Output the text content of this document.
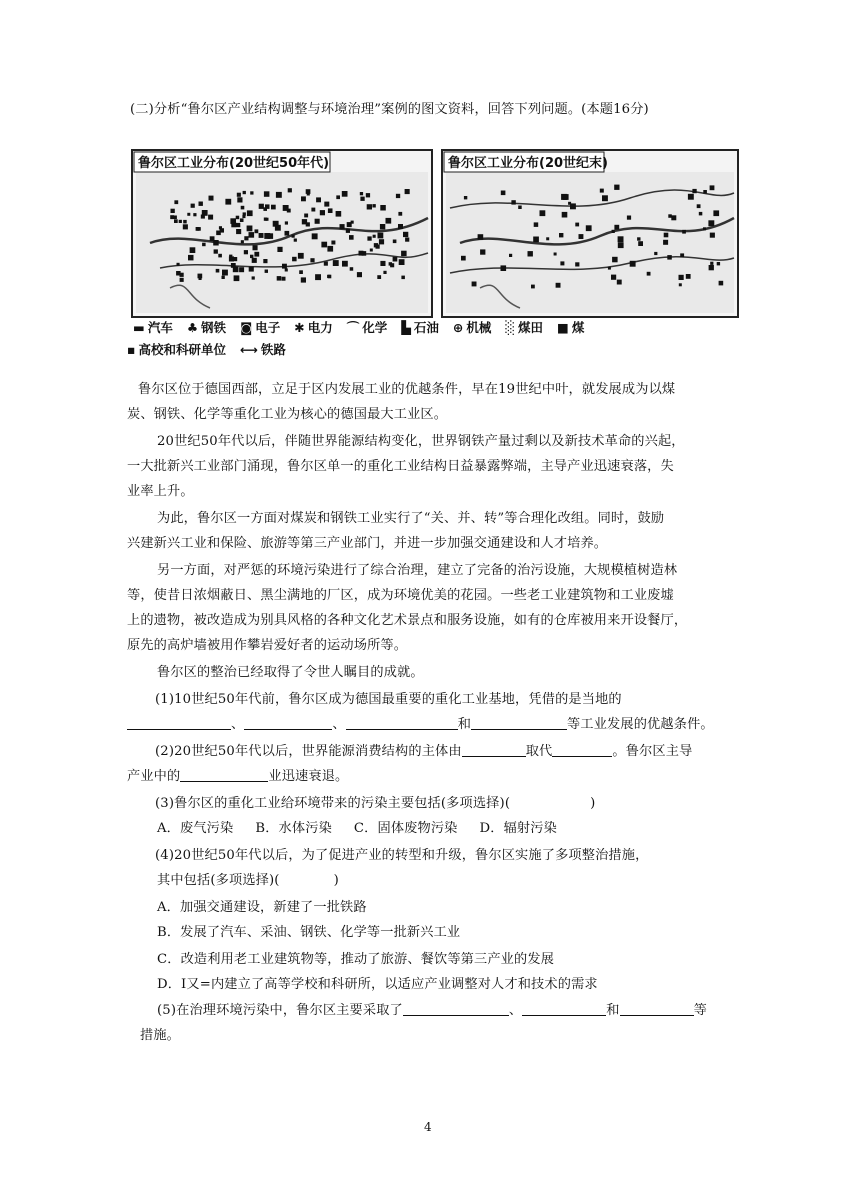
(二)分析“鲁尔区产业结构调整与环境治理”案例的图文资料，回答下列问题。(本题16分)
鲁尔区工业分布(20世纪50年代)	鲁尔区工业分布(20世纪末)
▬ 汽车 ♣ 钢铁 ◙ 电子 ✱ 电力 ⌒ 化学 ▙ 石油 ⊕ 机械 ░ 煤田 ■ 煤
▪ 高校和科研单位 ⟷ 铁路
鲁尔区位于德国西部，立足于区内发展工业的优越条件，早在19世纪中叶，就发展成为以煤
炭、钢铁、化学等重化工业为核心的德国最大工业区。
20世纪50年代以后，伴随世界能源结构变化，世界钢铁产量过剩以及新技术革命的兴起，
一大批新兴工业部门涌现，鲁尔区单一的重化工业结构日益暴露弊端，主导产业迅速衰落，失
业率上升。
为此，鲁尔区一方面对煤炭和钢铁工业实行了“关、并、转”等合理化改组。同时，鼓励
兴建新兴工业和保险、旅游等第三产业部门，并进一步加强交通建设和人才培养。
另一方面，对严惩的环境污染进行了综合治理，建立了完备的治污设施，大规模植树造林
等，使昔日浓烟蔽日、黑尘满地的厂区，成为环境优美的花园。一些老工业建筑物和工业废墟
上的遗物，被改造成为别具风格的各种文化艺术景点和服务设施，如有的仓库被用来开设餐厅，
原先的高炉墙被用作攀岩爱好者的运动场所等。
鲁尔区的整治已经取得了令世人瞩目的成就。
(1)10世纪50年代前，鲁尔区成为德国最重要的重化工业基地，凭借的是当地的
、	、	和	等工业发展的优越条件。
(2)20世纪50年代以后，世界能源消费结构的主体由	取代	。鲁尔区主导
产业中的	业迅速衰退。
(3)鲁尔区的重化工业给环境带来的污染主要包括(多项选择)(	)
A．废气污染 B．水体污染 C．固体废物污染 D．辐射污染
(4)20世纪50年代以后，为了促进产业的转型和升级，鲁尔区实施了多项整治措施，
其中包括(多项选择)(	)
A．加强交通建设，新建了一批铁路
B．发展了汽车、采油、钢铁、化学等一批新兴工业
C．改造利用老工业建筑物等，推动了旅游、餐饮等第三产业的发展
D．I又=内建立了高等学校和科研所，以适应产业调整对人才和技术的需求
(5)在治理环境污染中，鲁尔区主要采取了	、	和	等
措施。
4
